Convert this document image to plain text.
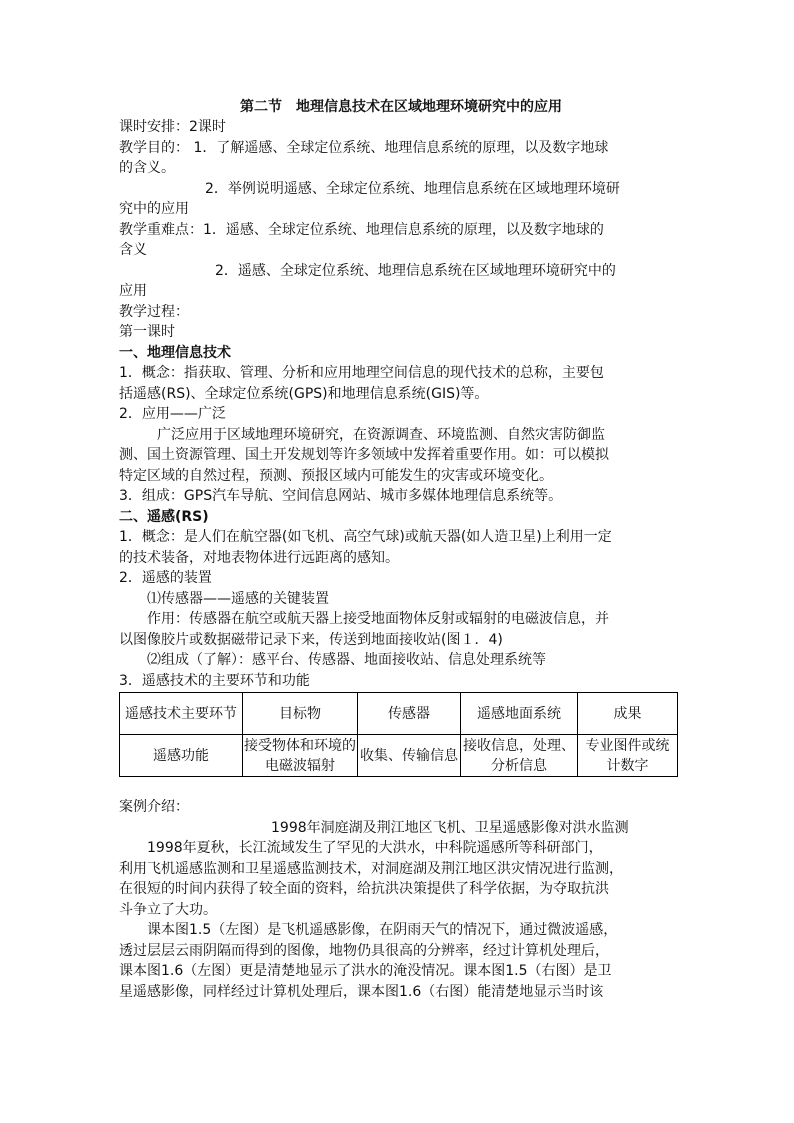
第二节　地理信息技术在区域地理环境研究中的应用
课时安排：2课时
教学目的： 1．了解遥感、全球定位系统、地理信息系统的原理，以及数字地球
的含义。
2．举例说明遥感、全球定位系统、地理信息系统在区域地理环境研
究中的应用
教学重难点：1．遥感、全球定位系统、地理信息系统的原理，以及数字地球的
含义
2．遥感、全球定位系统、地理信息系统在区域地理环境研究中的
应用
教学过程：
第一课时
一、地理信息技术
1．概念：指获取、管理、分析和应用地理空间信息的现代技术的总称，主要包
括遥感(RS)、全球定位系统(GPS)和地理信息系统(GIS)等。
2．应用——广泛
广泛应用于区域地理环境研究，在资源调查、环境监测、自然灾害防御监
测、国土资源管理、国土开发规划等许多领域中发挥着重要作用。如：可以模拟
特定区域的自然过程，预测、预报区域内可能发生的灾害或环境变化。
3．组成：GPS汽车导航、空间信息网站、城市多媒体地理信息系统等。
二、遥感(RS)
1．概念：是人们在航空器(如飞机、高空气球)或航天器(如人造卫星)上利用一定
的技术装备，对地表物体进行远距离的感知。
2．遥感的装置
⑴传感器——遥感的关键装置
作用：传感器在航空或航天器上接受地面物体反射或辐射的电磁波信息，并
以图像胶片或数据磁带记录下来，传送到地面接收站(图１．4)
⑵组成（了解）：感平台、传感器、地面接收站、信息处理系统等
3．遥感技术的主要环节和功能
遥感技术主要环节	目标物	传感器	遥感地面系统	成果
遥感功能	接受物体和环境的电磁波辐射	收集、传输信息	接收信息，处理、分析信息	专业图件或统计数字
案例介绍：
1998年洞庭湖及荆江地区飞机、卫星遥感影像对洪水监测
1998年夏秋，长江流域发生了罕见的大洪水，中科院遥感所等科研部门，
利用飞机遥感监测和卫星遥感监测技术，对洞庭湖及荆江地区洪灾情况进行监测，
在很短的时间内获得了较全面的资料，给抗洪决策提供了科学依据，为夺取抗洪
斗争立了大功。
课本图1.5（左图）是飞机遥感影像，在阴雨天气的情况下，通过微波遥感，
透过层层云雨阴隔而得到的图像，地物仍具很高的分辨率，经过计算机处理后，
课本图1.6（左图）更是清楚地显示了洪水的淹没情况。课本图1.5（右图）是卫
星遥感影像，同样经过计算机处理后，课本图1.6（右图）能清楚地显示当时该
